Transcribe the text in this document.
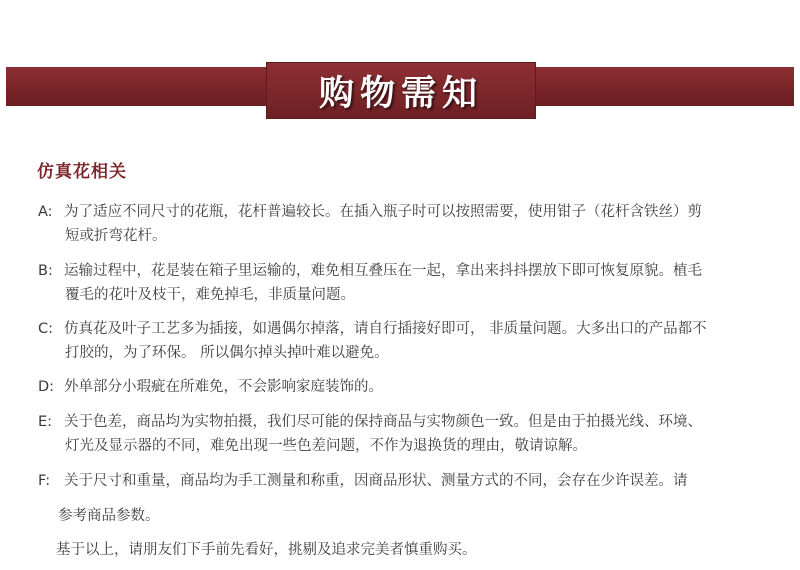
购物需知
仿真花相关
A: 为了适应不同尺寸的花瓶，花杆普遍较长。在插入瓶子时可以按照需要，使用钳子（花杆含铁丝）剪
短或折弯花杆。
B: 运输过程中，花是装在箱子里运输的，难免相互叠压在一起，拿出来抖抖摆放下即可恢复原貌。植毛
覆毛的花叶及枝干，难免掉毛，非质量问题。
C: 仿真花及叶子工艺多为插接，如遇偶尔掉落，请自行插接好即可， 非质量问题。大多出口的产品都不
打胶的，为了环保。 所以偶尔掉头掉叶难以避免。
D: 外单部分小瑕疵在所难免，不会影响家庭装饰的。
E: 关于色差，商品均为实物拍摄，我们尽可能的保持商品与实物颜色一致。但是由于拍摄光线、环境、
灯光及显示器的不同，难免出现一些色差问题，不作为退换货的理由，敬请谅解。
F: 关于尺寸和重量，商品均为手工测量和称重，因商品形状、测量方式的不同，会存在少许误差。请
参考商品参数。
基于以上，请朋友们下手前先看好，挑剔及追求完美者慎重购买。
